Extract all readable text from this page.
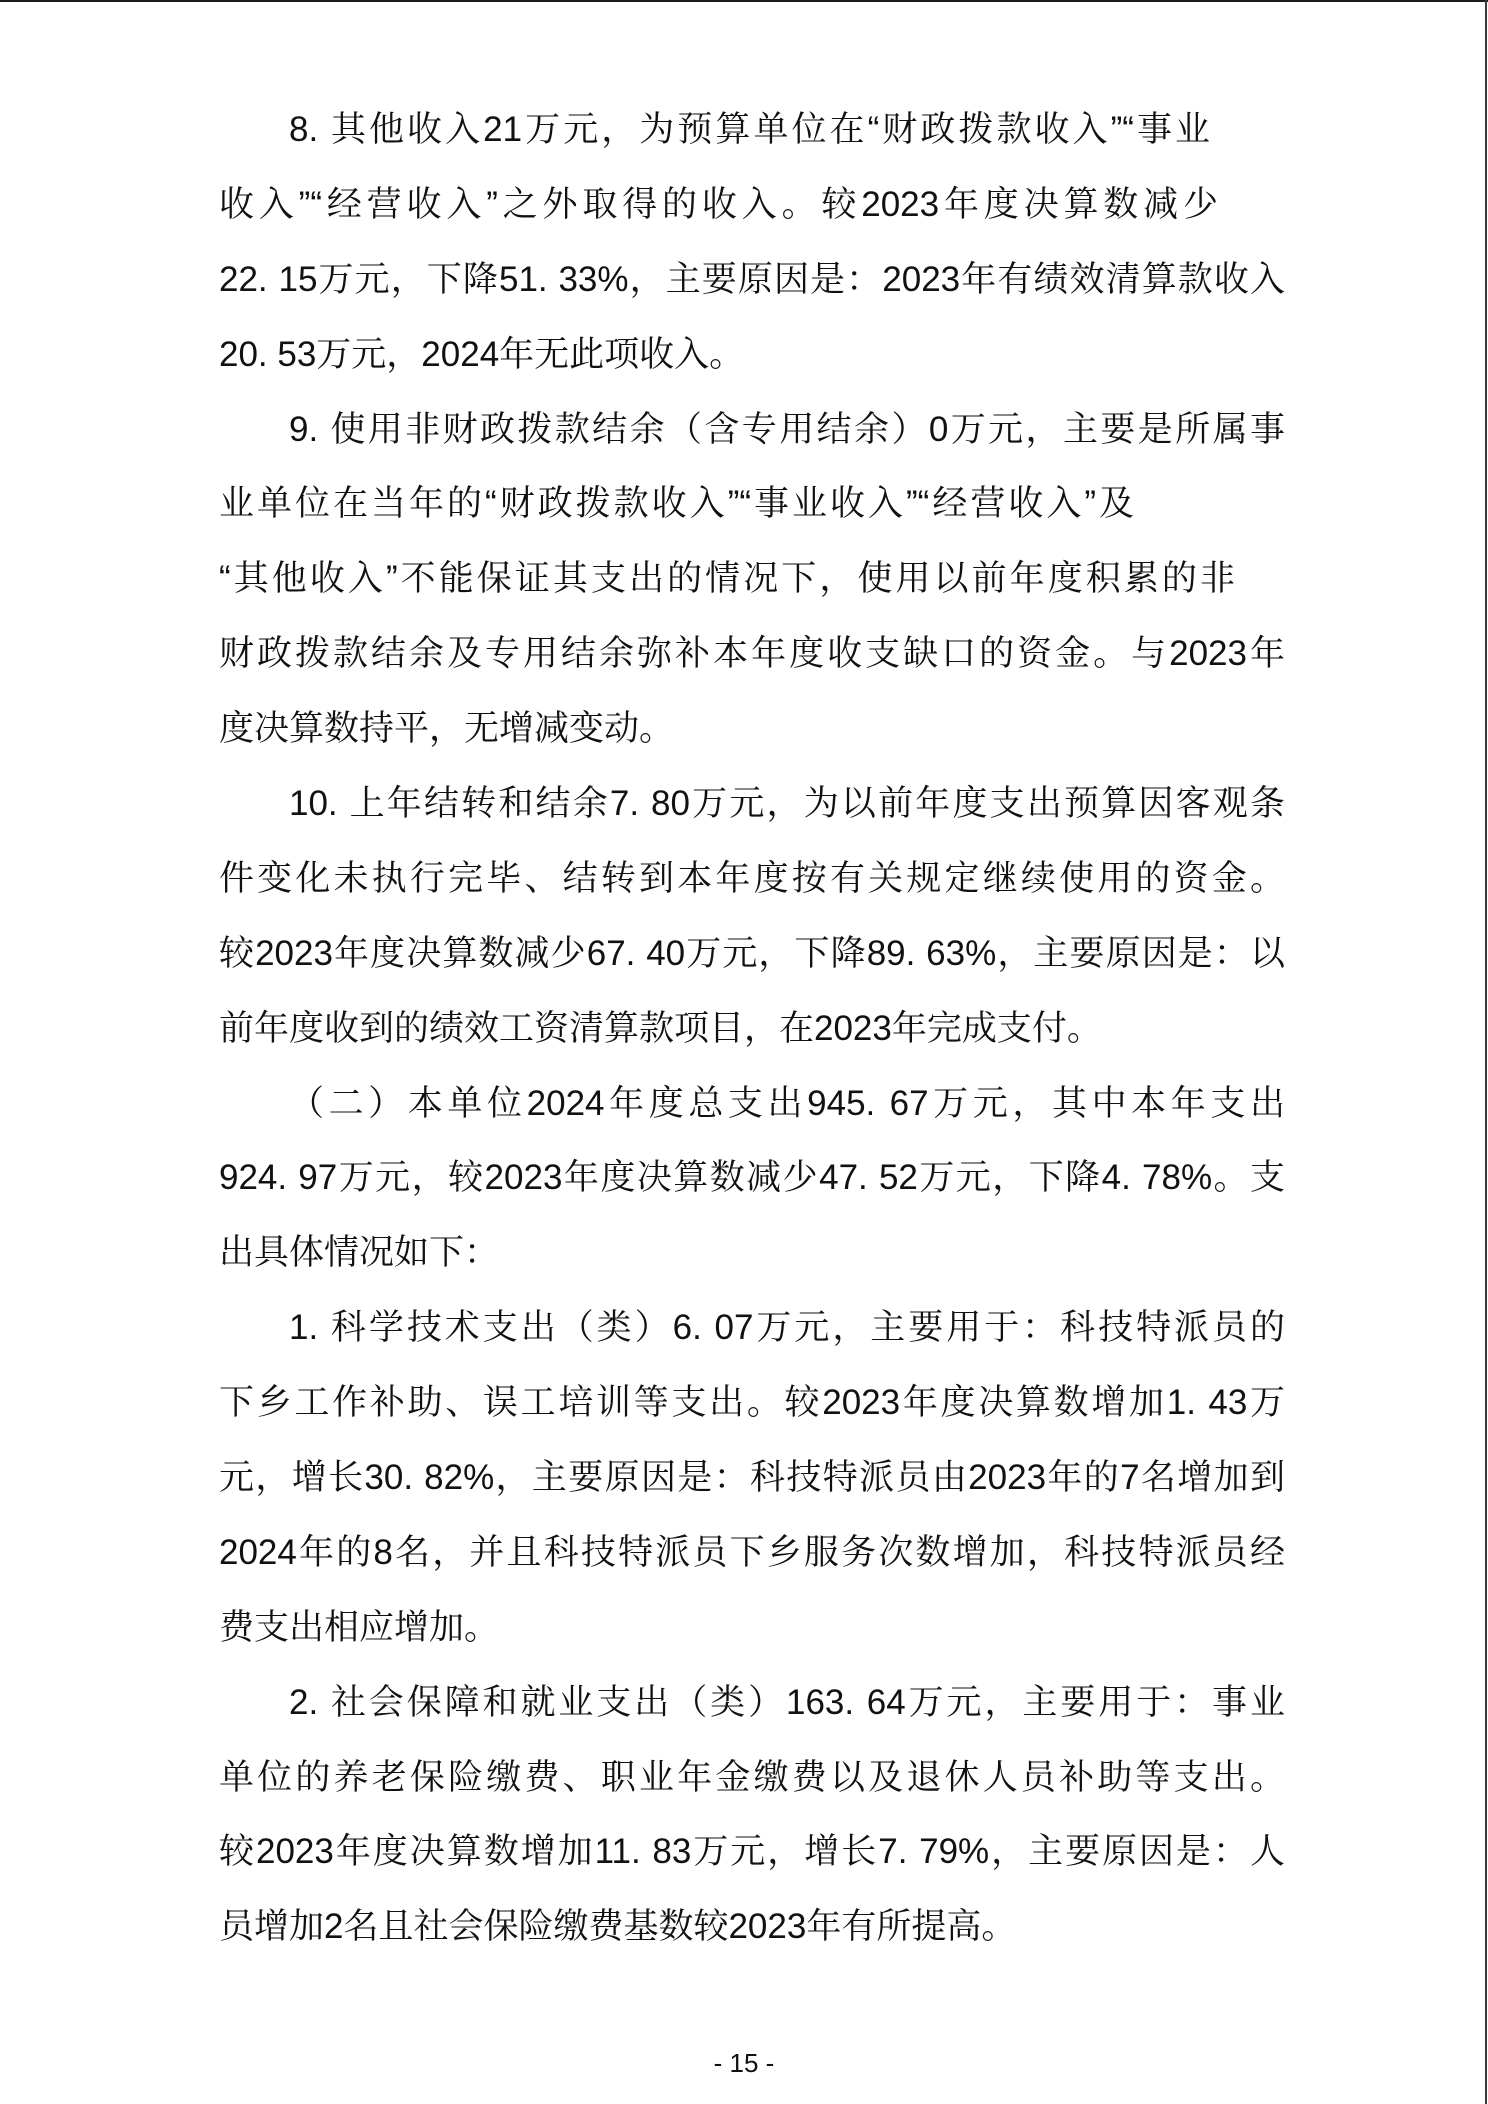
8. 其他收入21万元，为预算单位在“财政拨款收入”“事业
收入”“经营收入”之外取得的收入。较2023年度决算数减少
22. 15万元，下降51. 33%，主要原因是：2023年有绩效清算款收入
20. 53万元，2024年无此项收入。
9. 使用非财政拨款结余（含专用结余）0万元，主要是所属事
业单位在当年的“财政拨款收入”“事业收入”“经营收入”及
“其他收入”不能保证其支出的情况下，使用以前年度积累的非
财政拨款结余及专用结余弥补本年度收支缺口的资金。与2023年
度决算数持平，无增减变动。
10. 上年结转和结余7. 80万元，为以前年度支出预算因客观条
件变化未执行完毕、结转到本年度按有关规定继续使用的资金。
较2023年度决算数减少67. 40万元，下降89. 63%，主要原因是：以
前年度收到的绩效工资清算款项目，在2023年完成支付。
（二）本单位2024年度总支出945. 67万元，其中本年支出
924. 97万元，较2023年度决算数减少47. 52万元，下降4. 78%。支
出具体情况如下：
1. 科学技术支出（类）6. 07万元，主要用于：科技特派员的
下乡工作补助、误工培训等支出。较2023年度决算数增加1. 43万
元，增长30. 82%，主要原因是：科技特派员由2023年的7名增加到
2024年的8名，并且科技特派员下乡服务次数增加，科技特派员经
费支出相应增加。
2. 社会保障和就业支出（类）163. 64万元，主要用于：事业
单位的养老保险缴费、职业年金缴费以及退休人员补助等支出。
较2023年度决算数增加11. 83万元，增长7. 79%，主要原因是：人
员增加2名且社会保险缴费基数较2023年有所提高。
- 15 -
